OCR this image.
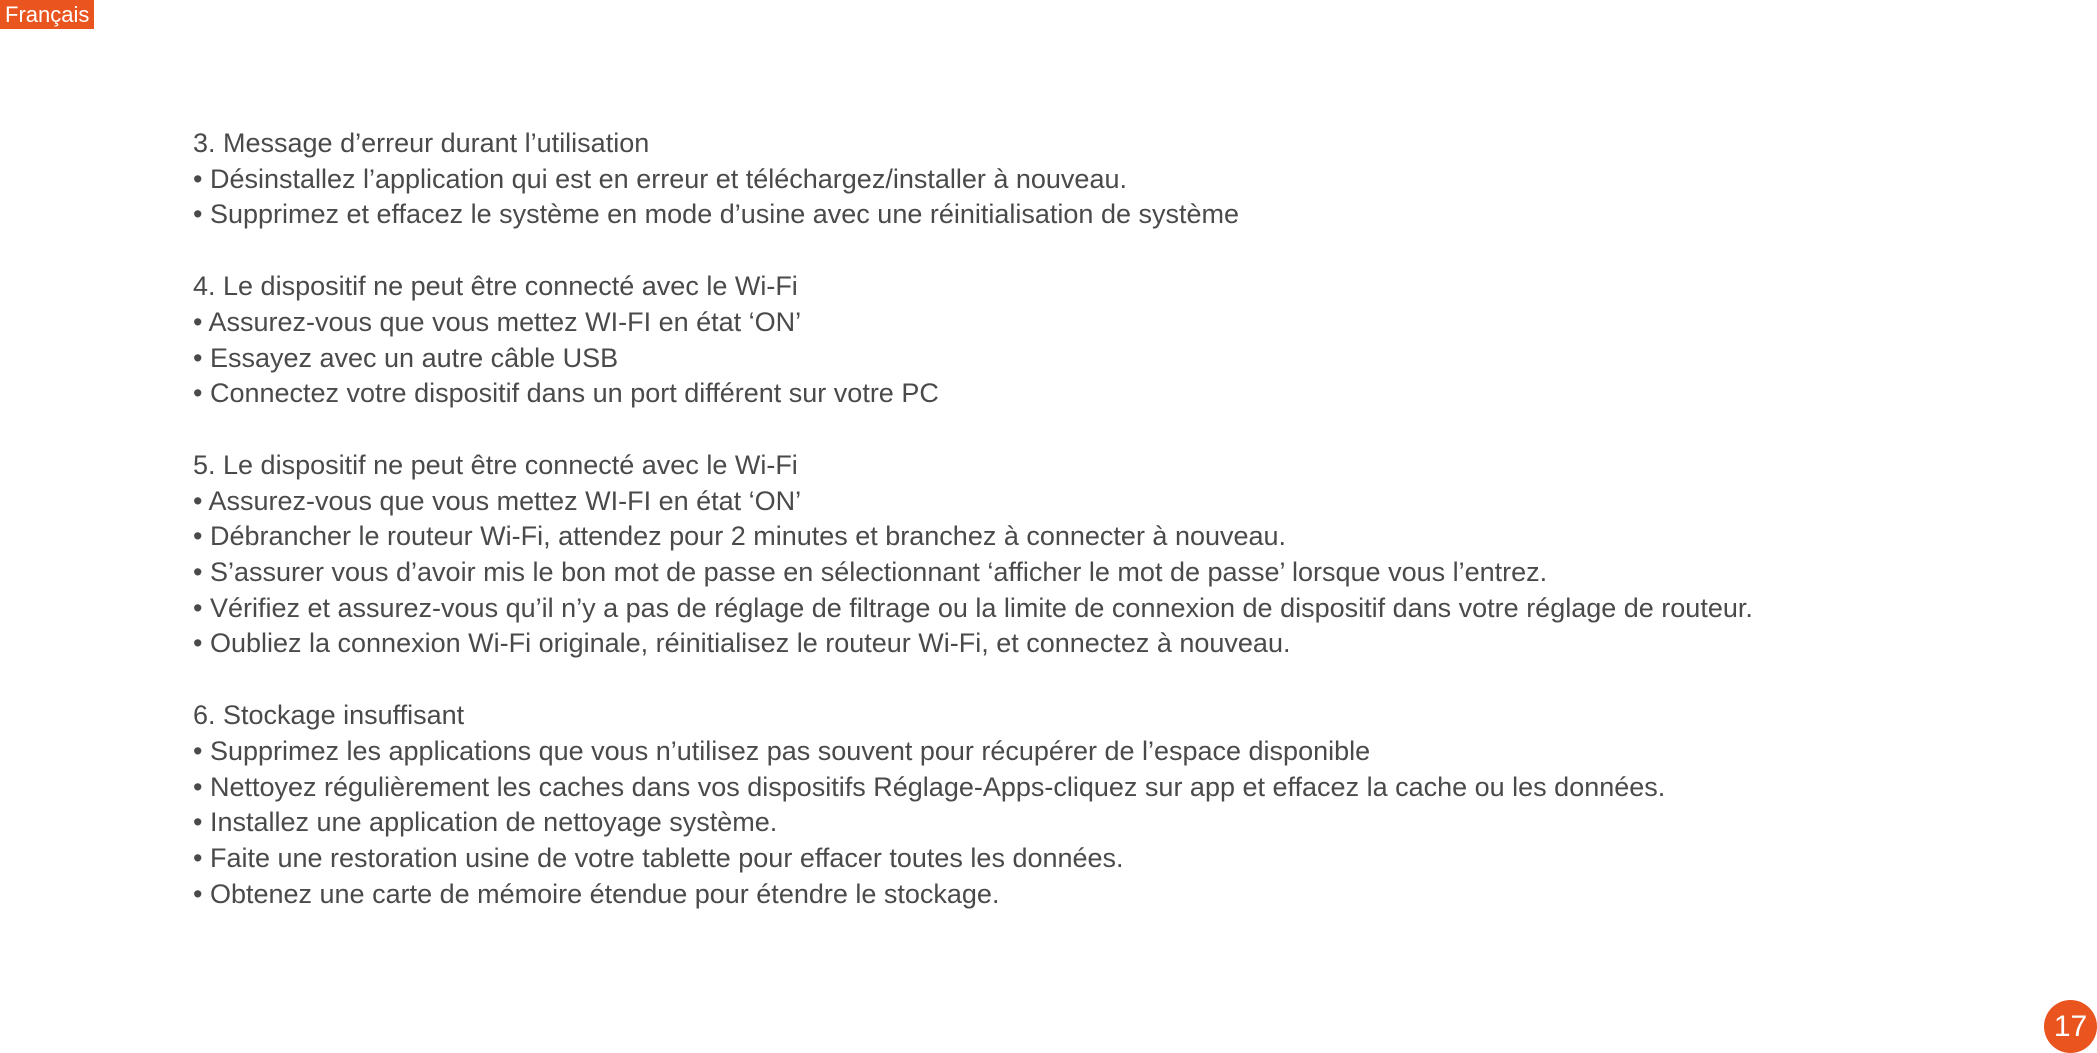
Français
3. Message d’erreur durant l’utilisation
• Désinstallez l’application qui est en erreur et téléchargez/installer à nouveau.
• Supprimez et effacez le système en mode d’usine avec une réinitialisation de système
4. Le dispositif ne peut être connecté avec le Wi-Fi
• Assurez-vous que vous mettez WI-FI en état ‘ON’
• Essayez avec un autre câble USB
• Connectez votre dispositif dans un port différent sur votre PC
5. Le dispositif ne peut être connecté avec le Wi-Fi
• Assurez-vous que vous mettez WI-FI en état ‘ON’
• Débrancher le routeur Wi-Fi, attendez pour 2 minutes et branchez à connecter à nouveau.
• S’assurer vous d’avoir mis le bon mot de passe en sélectionnant ‘afficher le mot de passe’ lorsque vous l’entrez.
• Vérifiez et assurez-vous qu’il n’y a pas de réglage de filtrage ou la limite de connexion de dispositif dans votre réglage de routeur.
• Oubliez la connexion Wi-Fi originale, réinitialisez le routeur Wi-Fi, et connectez à nouveau.
6. Stockage insuffisant
• Supprimez les applications que vous n’utilisez pas souvent pour récupérer de l’espace disponible
• Nettoyez régulièrement les caches dans vos dispositifs Réglage-Apps-cliquez sur app et effacez la cache ou les données.
• Installez une application de nettoyage système.
• Faite une restoration usine de votre tablette pour effacer toutes les données.
• Obtenez une carte de mémoire étendue pour étendre le stockage.
17
